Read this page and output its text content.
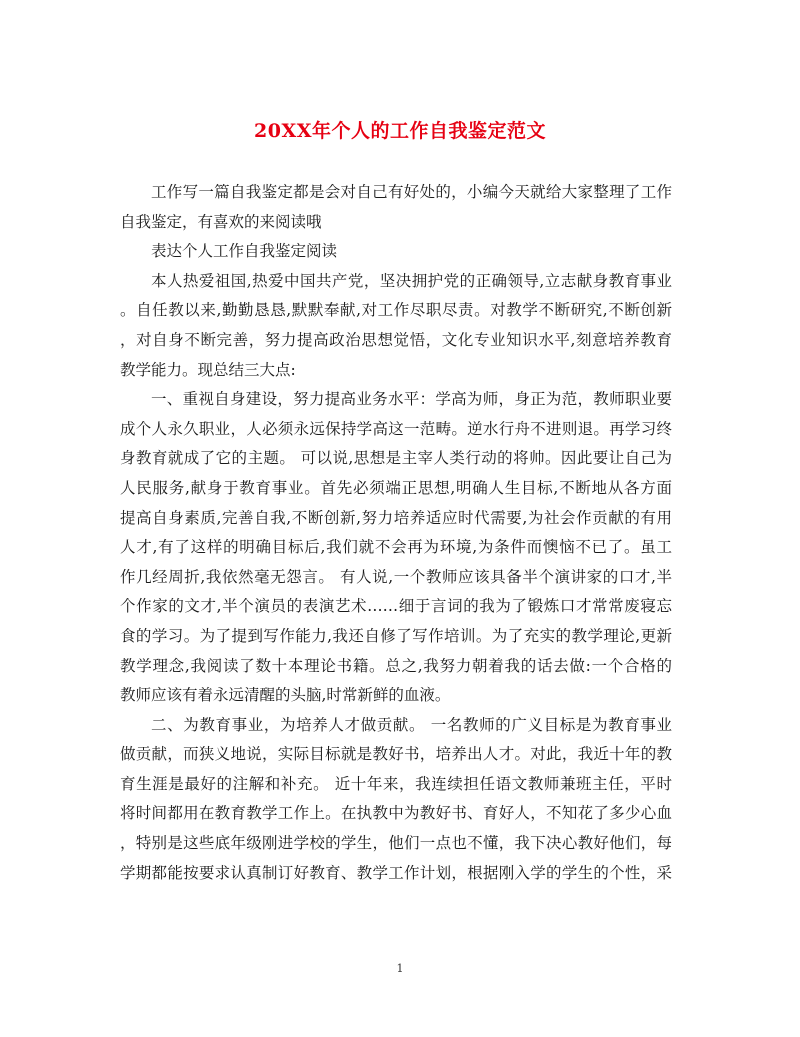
20XX年个人的工作自我鉴定范文
工作写一篇自我鉴定都是会对自己有好处的，小编今天就给大家整理了工作
自我鉴定，有喜欢的来阅读哦
表达个人工作自我鉴定阅读
本人热爱祖国,热爱中国共产党，坚决拥护党的正确领导,立志献身教育事业
。自任教以来,勤勤恳恳,默默奉献,对工作尽职尽责。对教学不断研究,不断创新
，对自身不断完善，努力提高政治思想觉悟，文化专业知识水平,刻意培养教育
教学能力。现总结三大点:
一、重视自身建设，努力提高业务水平：学高为师，身正为范，教师职业要
成个人永久职业，人必须永远保持学高这一范畴。逆水行舟不进则退。再学习终
身教育就成了它的主题。 可以说,思想是主宰人类行动的将帅。因此要让自己为
人民服务,献身于教育事业。首先必须端正思想,明确人生目标,不断地从各方面
提高自身素质,完善自我,不断创新,努力培养适应时代需要,为社会作贡献的有用
人才,有了这样的明确目标后,我们就不会再为环境,为条件而懊恼不已了。虽工
作几经周折,我依然毫无怨言。 有人说,一个教师应该具备半个演讲家的口才,半
个作家的文才,半个演员的表演艺术……细于言词的我为了锻炼口才常常废寝忘
食的学习。为了提到写作能力,我还自修了写作培训。为了充实的教学理论,更新
教学理念,我阅读了数十本理论书籍。总之,我努力朝着我的话去做:一个合格的
教师应该有着永远清醒的头脑,时常新鲜的血液。
二、为教育事业，为培养人才做贡献。 一名教师的广义目标是为教育事业
做贡献，而狭义地说，实际目标就是教好书，培养出人才。对此，我近十年的教
育生涯是最好的注解和补充。 近十年来，我连续担任语文教师兼班主任，平时
将时间都用在教育教学工作上。在执教中为教好书、育好人，不知花了多少心血
，特别是这些底年级刚进学校的学生，他们一点也不懂，我下决心教好他们，每
学期都能按要求认真制订好教育、教学工作计划，根据刚入学的学生的个性，采
1
